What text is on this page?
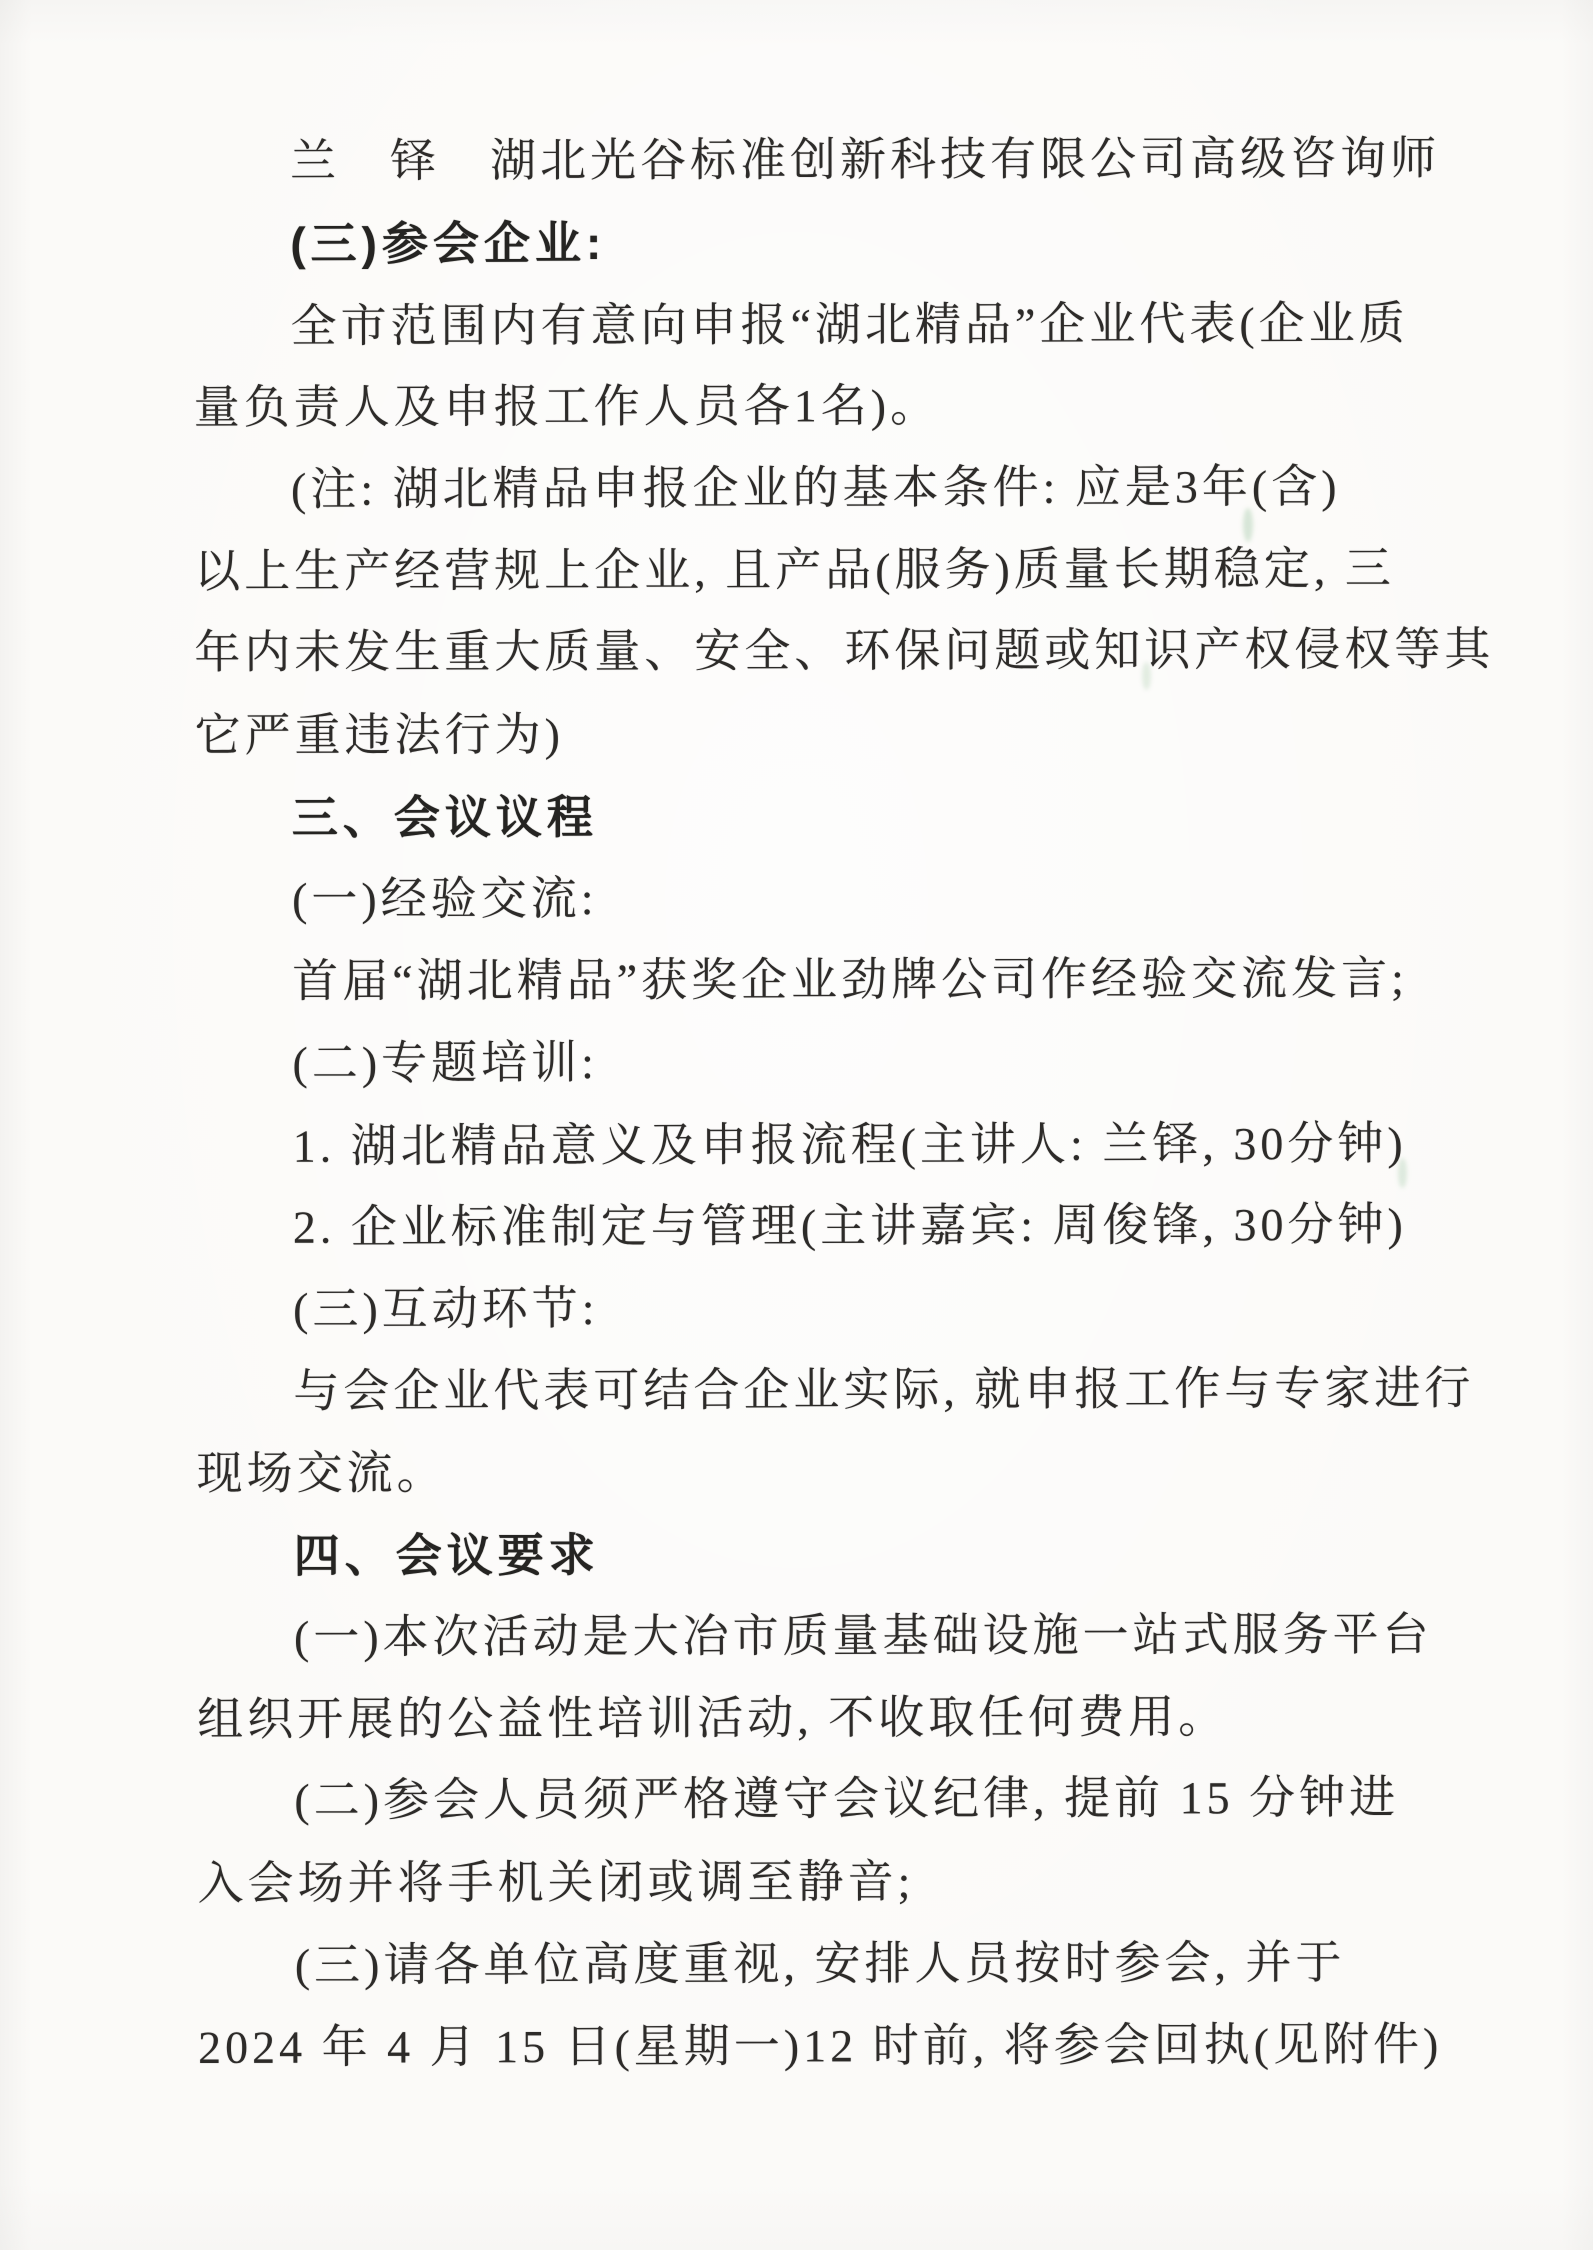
兰　铎　湖北光谷标准创新科技有限公司高级咨询师
(三)参会企业:
全市范围内有意向申报“湖北精品”企业代表(企业质
量负责人及申报工作人员各1名)。
(注: 湖北精品申报企业的基本条件: 应是3年(含)
以上生产经营规上企业, 且产品(服务)质量长期稳定, 三
年内未发生重大质量、安全、环保问题或知识产权侵权等其
它严重违法行为)
三、会议议程
(一)经验交流:
首届“湖北精品”获奖企业劲牌公司作经验交流发言;
(二)专题培训:
1. 湖北精品意义及申报流程(主讲人: 兰铎, 30分钟)
2. 企业标准制定与管理(主讲嘉宾: 周俊锋, 30分钟)
(三)互动环节:
与会企业代表可结合企业实际, 就申报工作与专家进行
现场交流。
四、会议要求
(一)本次活动是大冶市质量基础设施一站式服务平台
组织开展的公益性培训活动, 不收取任何费用。
(二)参会人员须严格遵守会议纪律, 提前 15 分钟进
入会场并将手机关闭或调至静音;
(三)请各单位高度重视, 安排人员按时参会, 并于
2024 年 4 月 15 日(星期一)12 时前, 将参会回执(见附件)
